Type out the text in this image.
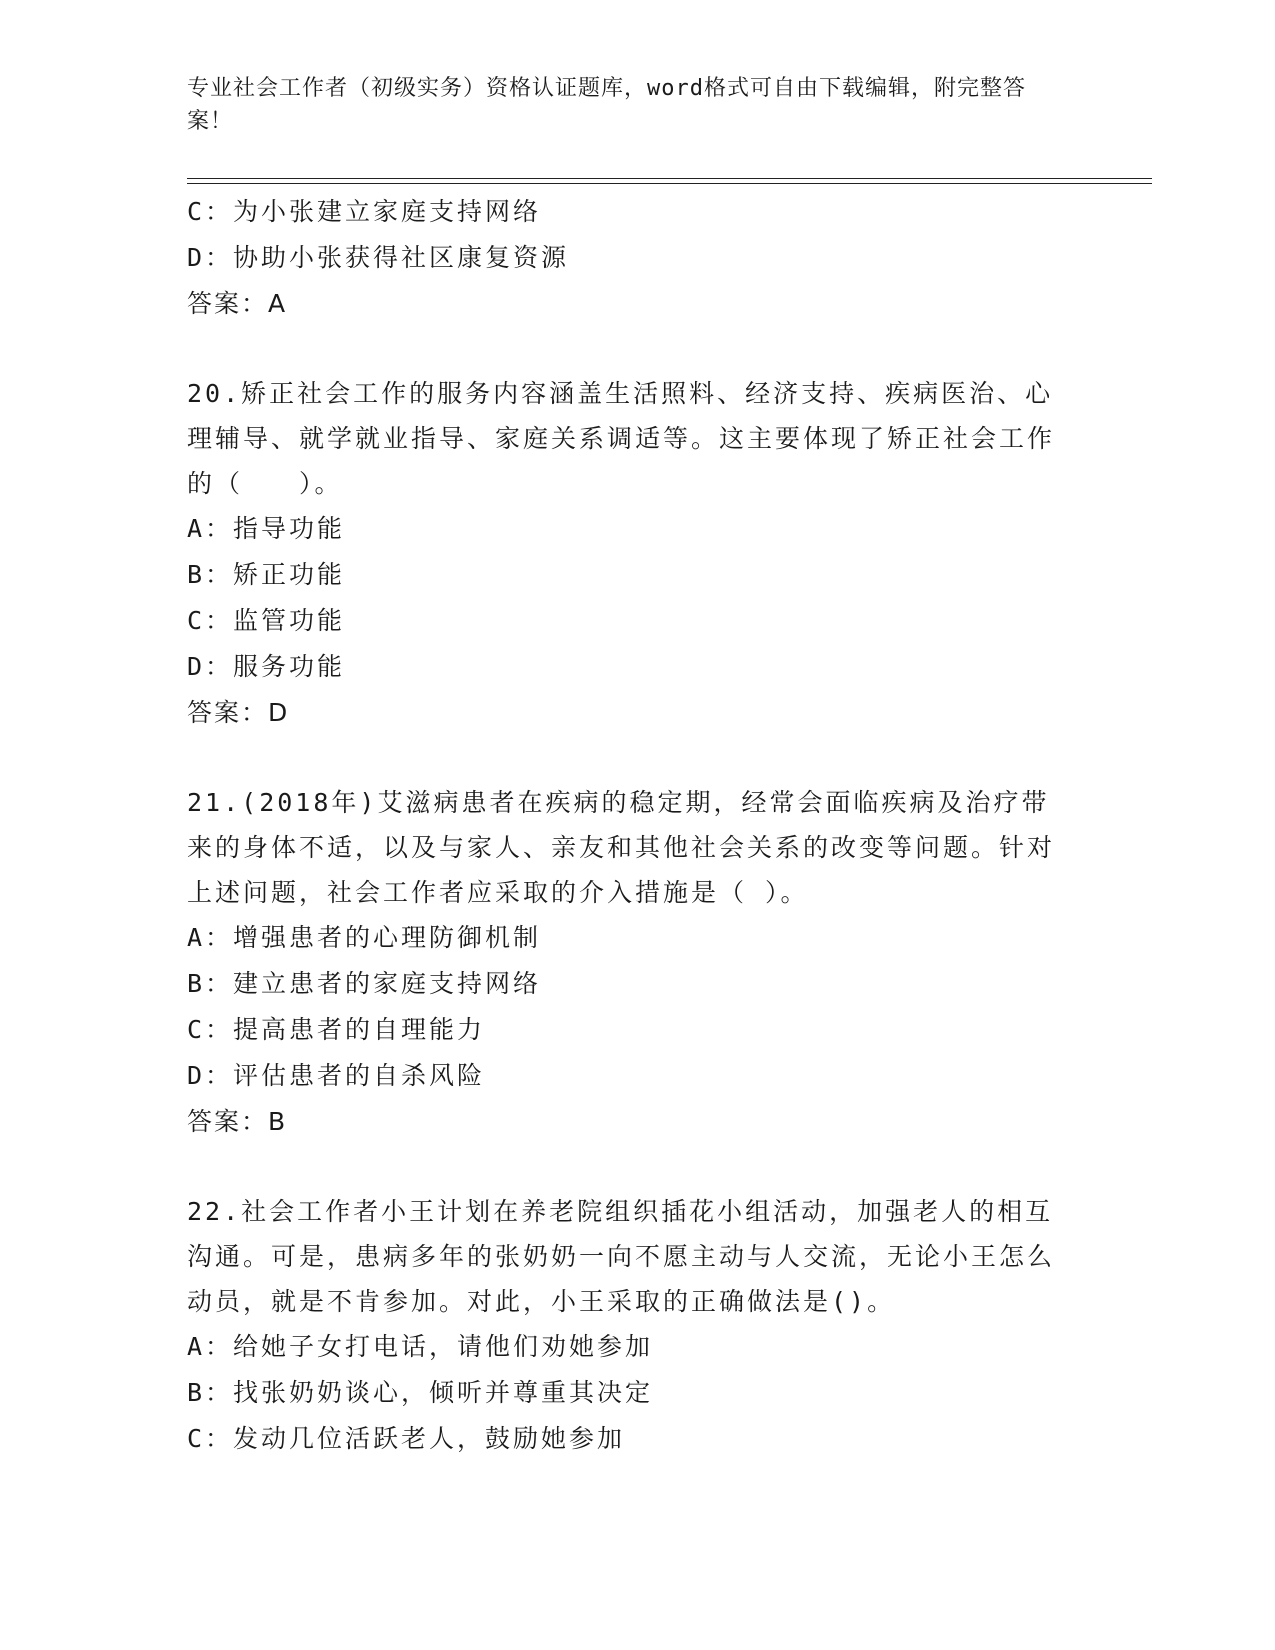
专业社会工作者（初级实务）资格认证题库，word格式可自由下载编辑，附完整答案！
C：为小张建立家庭支持网络
D：协助小张获得社区康复资源
答案：A
20.矫正社会工作的服务内容涵盖生活照料、经济支持、疾病医治、心理辅导、就学就业指导、家庭关系调适等。这主要体现了矫正社会工作的（　　）。
A：指导功能
B：矫正功能
C：监管功能
D：服务功能
答案：D
21.(2018年)艾滋病患者在疾病的稳定期，经常会面临疾病及治疗带来的身体不适，以及与家人、亲友和其他社会关系的改变等问题。针对上述问题，社会工作者应采取的介入措施是（ ）。
A：增强患者的心理防御机制
B：建立患者的家庭支持网络
C：提高患者的自理能力
D：评估患者的自杀风险
答案：B
22.社会工作者小王计划在养老院组织插花小组活动，加强老人的相互沟通。可是，患病多年的张奶奶一向不愿主动与人交流，无论小王怎么动员，就是不肯参加。对此，小王采取的正确做法是()。
A：给她子女打电话，请他们劝她参加
B：找张奶奶谈心，倾听并尊重其决定
C：发动几位活跃老人，鼓励她参加
